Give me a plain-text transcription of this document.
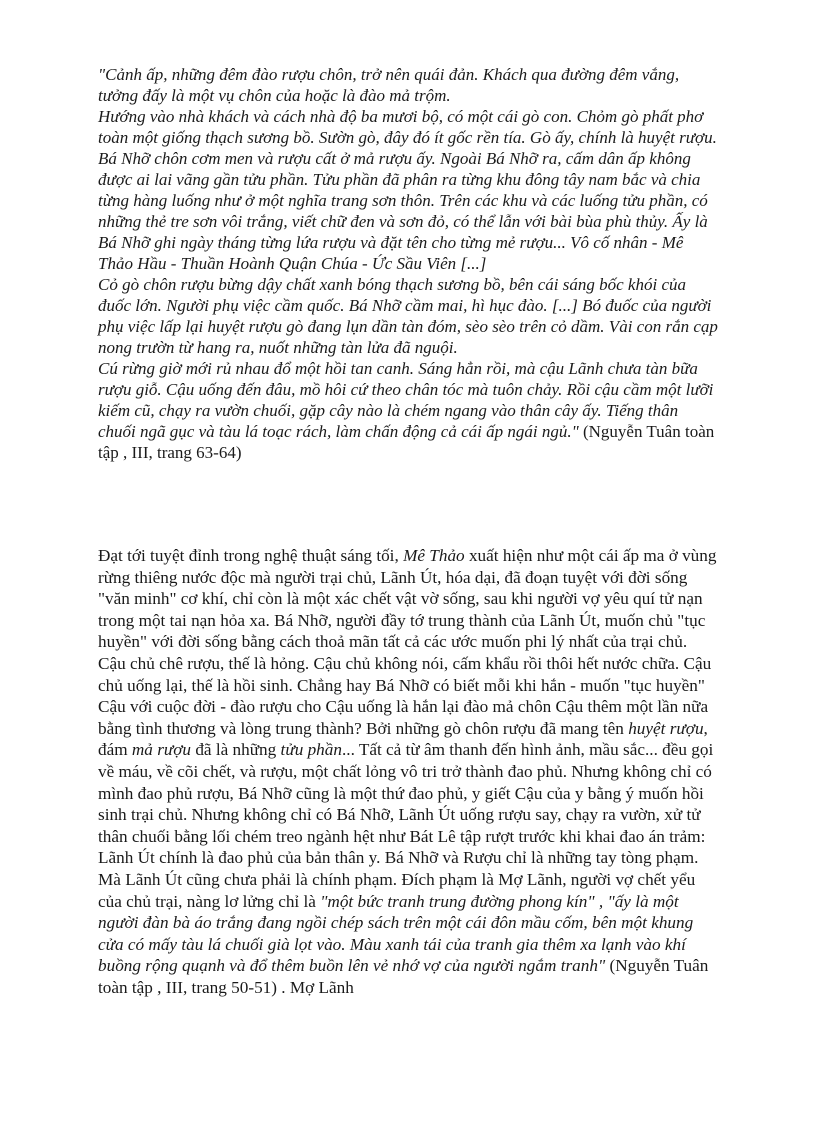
"Cảnh ấp, những đêm đào rượu chôn, trở nên quái đản. Khách qua đường đêm vắng, tưởng đấy là một vụ chôn của hoặc là đào mả trộm.

Hướng vào nhà khách và cách nhà độ ba mươi bộ, có một cái gò con. Chỏm gò phất phơ toàn một giống thạch sương bồ. Sườn gò, đây đó ít gốc rền tía. Gò ấy, chính là huyệt rượu. Bá Nhỡ chôn cơm men và rượu cất ở mả rượu ấy. Ngoài Bá Nhỡ ra, cấm dân ấp không được ai lai vãng gần tửu phần. Tửu phần đã phân ra từng khu đông tây nam bắc và chia từng hàng luống như ở một nghĩa trang sơn thôn. Trên các khu và các luống tửu phần, có những thẻ tre sơn vôi trắng, viết chữ đen và sơn đỏ, có thể lẫn với bài bùa phù thủy. Ấy là Bá Nhỡ ghi ngày tháng từng lứa rượu và đặt tên cho từng mẻ rượu... Vô cố nhân - Mê Thảo Hầu - Thuần Hoành Quận Chúa - Ức Sầu Viên [...]

Cỏ gò chôn rượu bừng dậy chất xanh bóng thạch sương bồ, bên cái sáng bốc khói của đuốc lớn. Người phụ việc cầm quốc. Bá Nhỡ cầm mai, hì hục đào. [...] Bó đuốc của người phụ việc lấp lại huyệt rượu gò đang lụn dần tàn đóm, sèo sèo trên cỏ dầm. Vài con rắn cạp nong trườn từ hang ra, nuốt những tàn lửa đã nguội.

Cú rừng giờ mới rủ nhau đổ một hồi tan canh. Sáng hẳn rồi, mà cậu Lãnh chưa tàn bữa rượu giỗ. Cậu uống đến đâu, mồ hôi cứ theo chân tóc mà tuôn chảy. Rồi cậu cầm một lưỡi kiếm cũ, chạy ra vườn chuối, gặp cây nào là chém ngang vào thân cây ấy. Tiếng thân chuối ngã gục và tàu lá toạc rách, làm chấn động cả cái ấp ngái ngủ." (Nguyễn Tuân toàn tập , III, trang 63-64)

Đạt tới tuyệt đỉnh trong nghệ thuật sáng tối, Mê Thảo xuất hiện như một cái ấp ma ở vùng rừng thiêng nước độc mà người trại chủ, Lãnh Út, hóa dại, đã đoạn tuyệt với đời sống "văn minh" cơ khí, chỉ còn là một xác chết vật vờ sống, sau khi người vợ yêu quí tử nạn trong một tai nạn hỏa xa. Bá Nhỡ, người đầy tớ trung thành của Lãnh Út, muốn chủ "tục huyền" với đời sống bằng cách thoả mãn tất cả các ước muốn phi lý nhất của trại chủ. Cậu chủ chê rượu, thế là hỏng. Cậu chủ không nói, cấm khẩu rồi thôi hết nước chữa. Cậu chủ uống lại, thế là hồi sinh. Chẳng hay Bá Nhỡ có biết mỗi khi hắn - muốn "tục huyền" Cậu với cuộc đời - đào rượu cho Cậu uống là hắn lại đào mả chôn Cậu thêm một lần nữa bằng tình thương và lòng trung thành? Bởi những gò chôn rượu đã mang tên huyệt rượu, đám mả rượu đã là những tửu phần... Tất cả từ âm thanh đến hình ảnh, mầu sắc... đều gọi về máu, về cõi chết, và rượu, một chất lỏng vô tri trở thành đao phủ. Nhưng không chỉ có mình đao phủ rượu, Bá Nhỡ cũng là một thứ đao phủ, y giết Cậu của y bằng ý muốn hồi sinh trại chủ. Nhưng không chỉ có Bá Nhỡ, Lãnh Út uống rượu say, chạy ra vườn, xử tử thân chuối bằng lối chém treo ngành hệt như Bát Lê tập rượt trước khi khai đao án trảm: Lãnh Út chính là đao phủ của bản thân y. Bá Nhỡ và Rượu chỉ là những tay tòng phạm. Mà Lãnh Út cũng chưa phải là chính phạm. Đích phạm là Mợ Lãnh, người vợ chết yểu của chủ trại, nàng lơ lửng chỉ là "một bức tranh trung đường phong kín" , "ấy là một người đàn bà áo trắng đang ngồi chép sách trên một cái đôn mầu cốm, bên một khung cửa có mấy tàu lá chuối già lọt vào. Màu xanh tái của tranh gia thêm xa lạnh vào khí buồng rộng quạnh và đổ thêm buồn lên vẻ nhớ vợ của người ngắm tranh" (Nguyễn Tuân toàn tập , III, trang 50-51) . Mợ Lãnh
